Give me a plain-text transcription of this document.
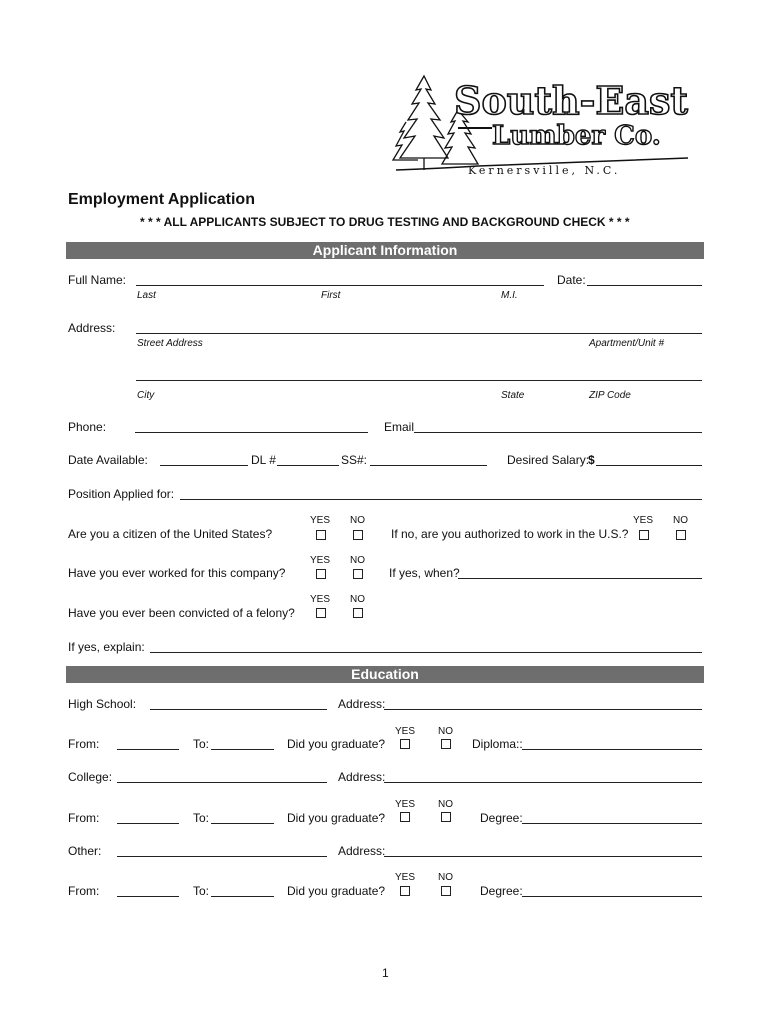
South-East
Lumber Co.
Kernersville, N.C.
Employment Application
* * * ALL APPLICANTS SUBJECT TO DRUG TESTING AND BACKGROUND CHECK * * *
Applicant Information
Full Name:	Date:
Last	First	M.I.
Address:
Street Address	Apartment/Unit #
City	State	ZIP Code
Phone:	Email
Date Available:	DL #	SS#:	Desired Salary:
$
Position Applied for:
YES NO
Are you a citizen of the United States?
YES NO
If no, are you authorized to work in the U.S.?
YES NO
Have you ever worked for this company?	If yes, when?
YES NO
Have you ever been convicted of a felony?
If yes, explain:
Education
High School:	Address:
YES NO
From:	To:	Did you graduate?	Diploma::
College:	Address:
YES NO
From:	To:	Did you graduate?	Degree:
Other:	Address:
YES NO
From:	To:	Did you graduate?	Degree:
1
